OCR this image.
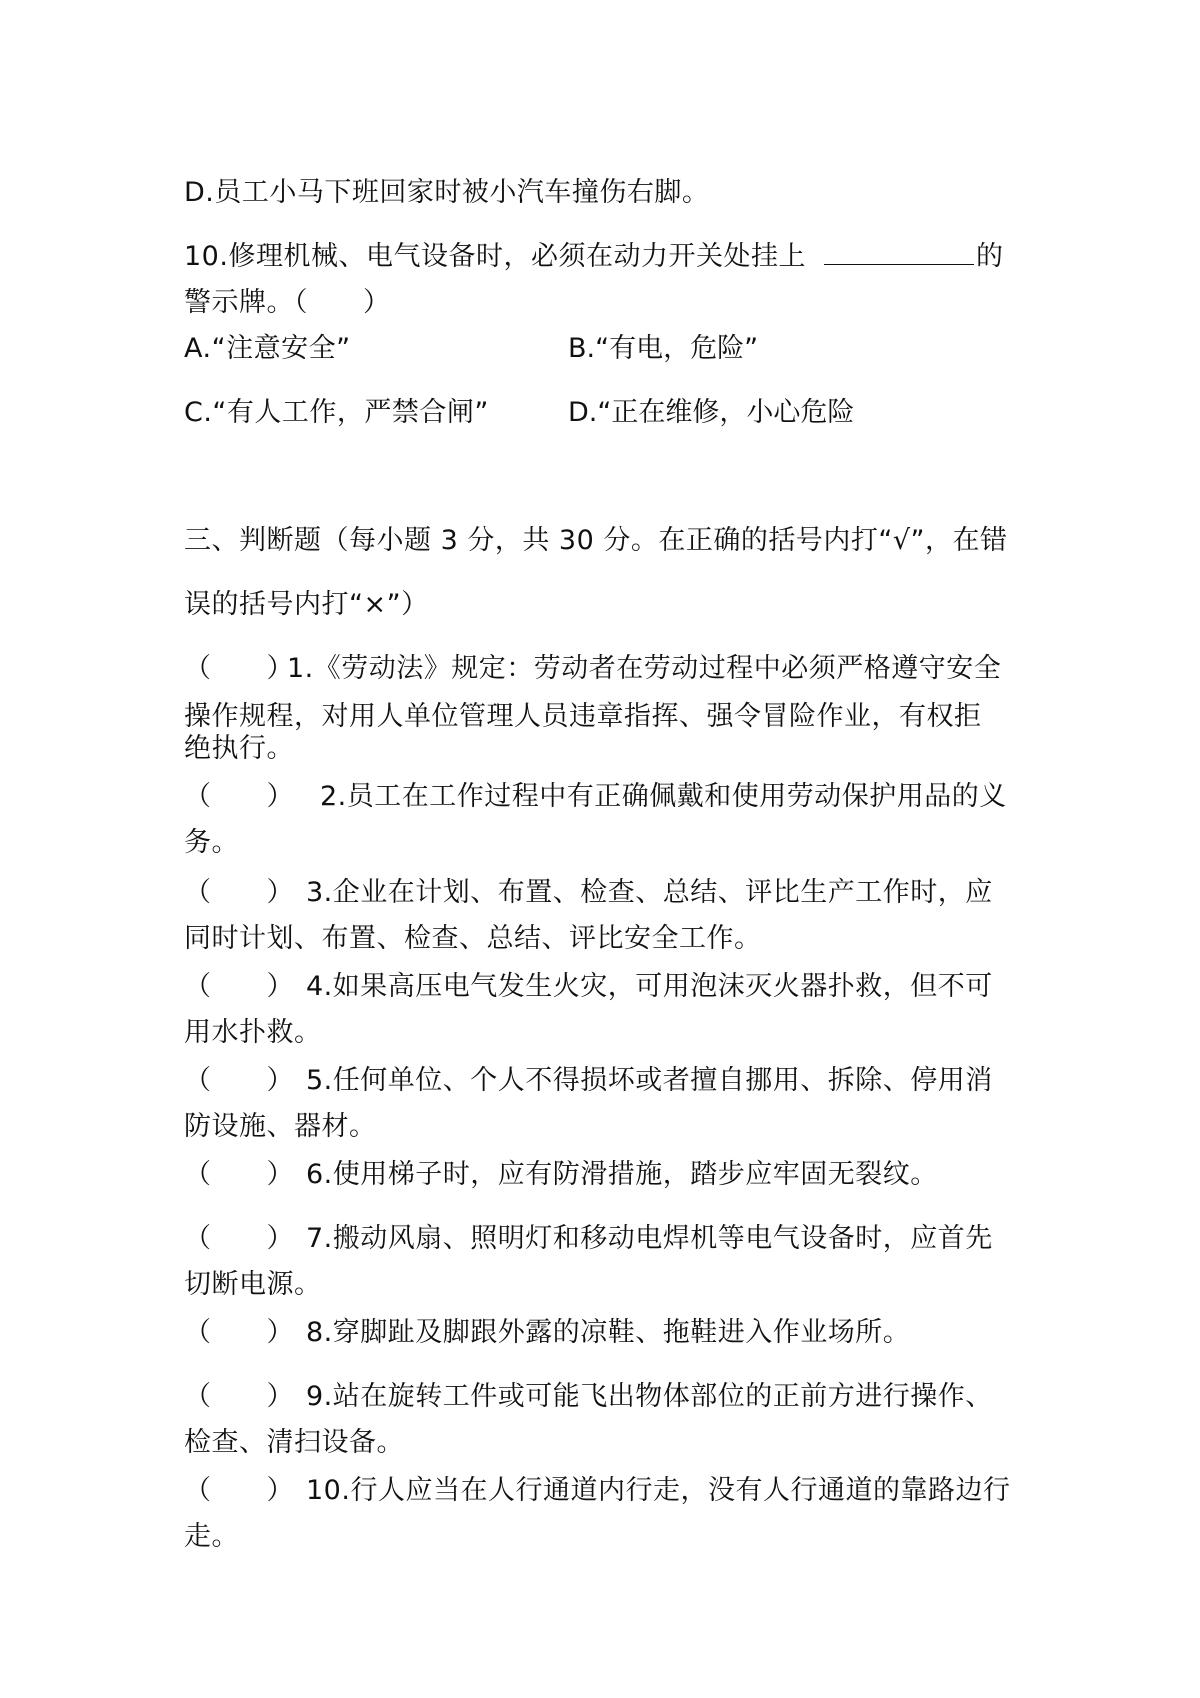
D.员工小马下班回家时被小汽车撞伤右脚。
10.修理机械、电气设备时，必须在动力开关处挂上	的
警示牌。（　　）
A.“注意安全”	B.“有电，危险”
C.“有人工作，严禁合闸”	D.“正在维修，小心危险
三、判断题（每小题 3 分，共 30 分。在正确的括号内打“√”，在错
误的括号内打“×”）
（　　）1.《劳动法》规定：劳动者在劳动过程中必须严格遵守安全
操作规程，对用人单位管理人员违章指挥、强令冒险作业，有权拒
绝执行。
（　　） 2.员工在工作过程中有正确佩戴和使用劳动保护用品的义
务。
（　　） 3.企业在计划、布置、检查、总结、评比生产工作时，应
同时计划、布置、检查、总结、评比安全工作。
（　　） 4.如果高压电气发生火灾，可用泡沫灭火器扑救，但不可
用水扑救。
（　　） 5.任何单位、个人不得损坏或者擅自挪用、拆除、停用消
防设施、器材。
（　　） 6.使用梯子时，应有防滑措施，踏步应牢固无裂纹。
（　　） 7.搬动风扇、照明灯和移动电焊机等电气设备时，应首先
切断电源。
（　　） 8.穿脚趾及脚跟外露的凉鞋、拖鞋进入作业场所。
（　　） 9.站在旋转工件或可能飞出物体部位的正前方进行操作、
检查、清扫设备。
（　　） 10.行人应当在人行通道内行走，没有人行通道的靠路边行
走。
